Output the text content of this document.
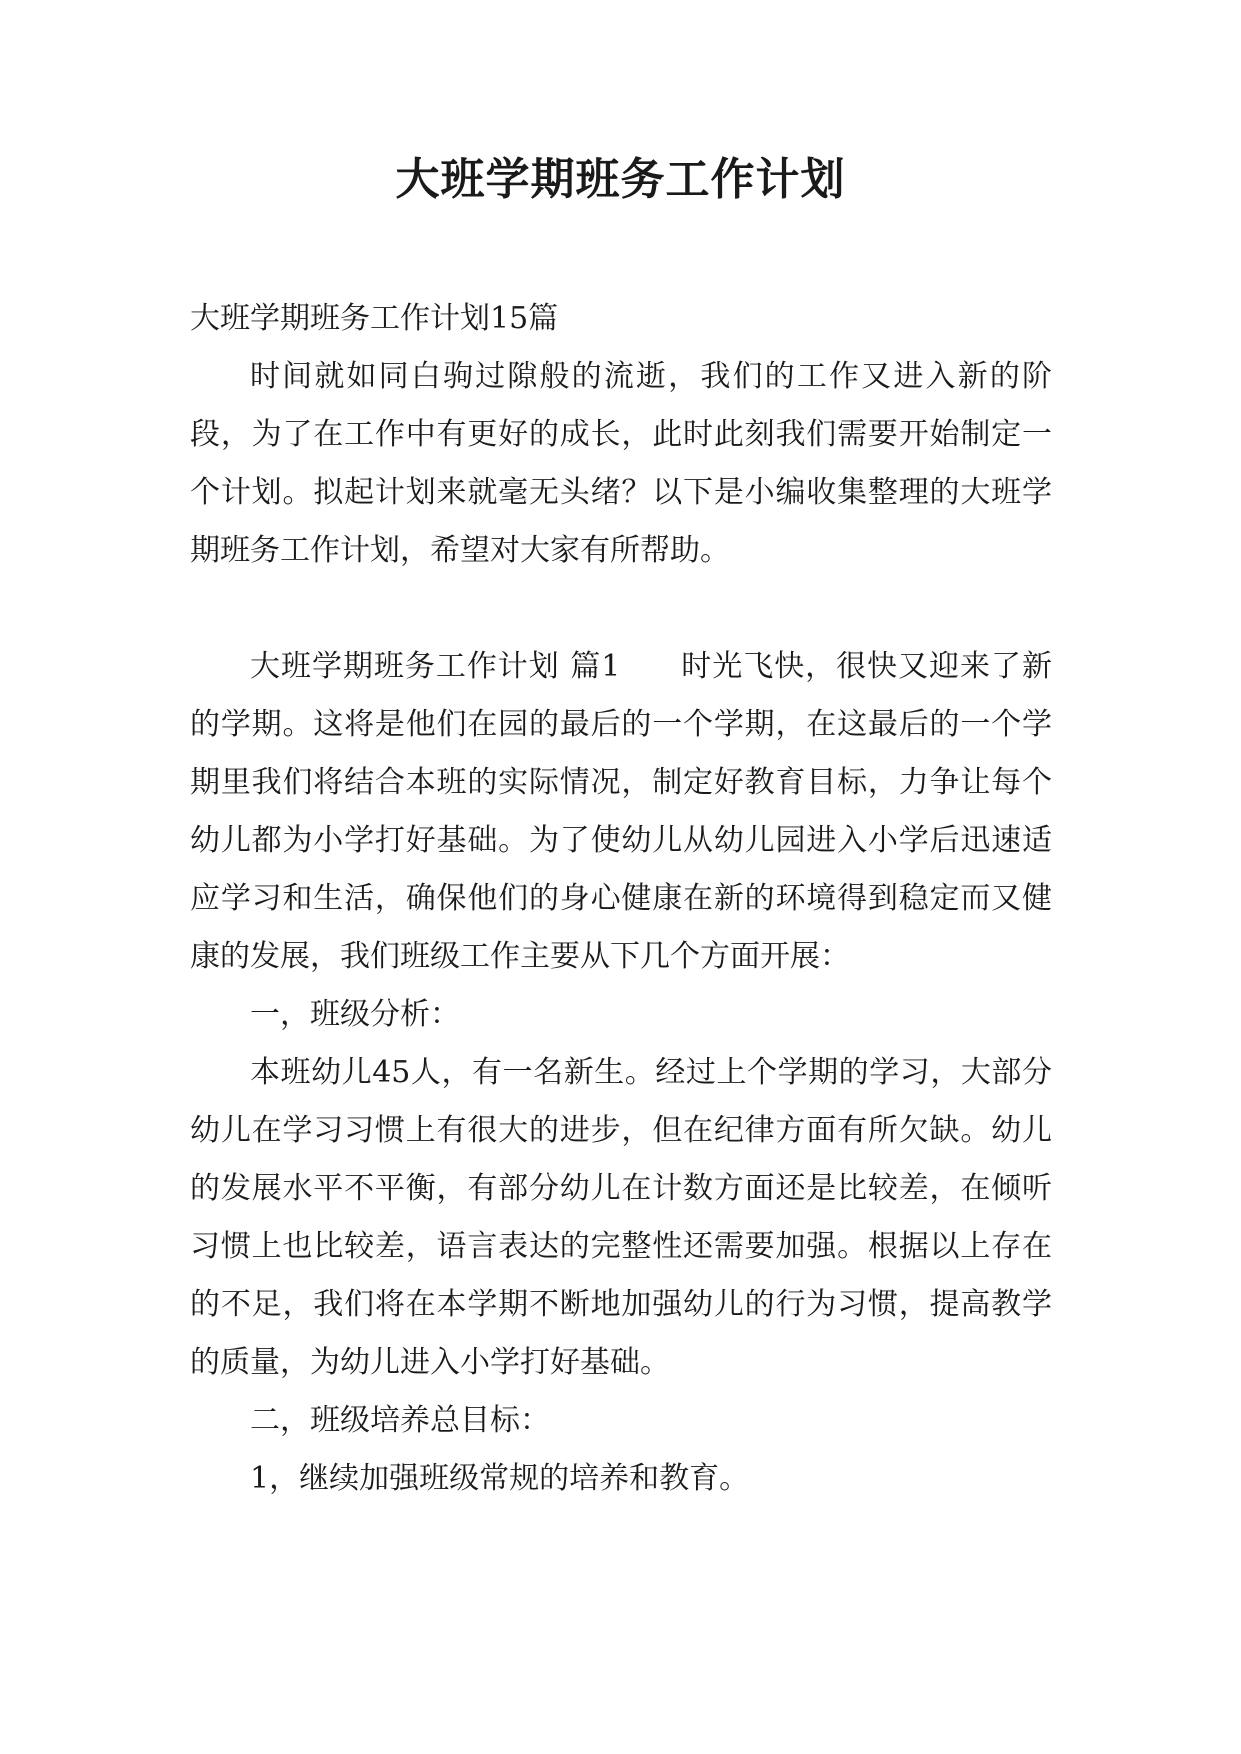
大班学期班务工作计划

大班学期班务工作计划15篇

时间就如同白驹过隙般的流逝，我们的工作又进入新的阶段，为了在工作中有更好的成长，此时此刻我们需要开始制定一个计划。拟起计划来就毫无头绪？以下是小编收集整理的大班学期班务工作计划，希望对大家有所帮助。

大班学期班务工作计划 篇1 时光飞快，很快又迎来了新的学期。这将是他们在园的最后的一个学期，在这最后的一个学期里我们将结合本班的实际情况，制定好教育目标，力争让每个幼儿都为小学打好基础。为了使幼儿从幼儿园进入小学后迅速适应学习和生活，确保他们的身心健康在新的环境得到稳定而又健康的发展，我们班级工作主要从下几个方面开展：

一，班级分析：

本班幼儿45人，有一名新生。经过上个学期的学习，大部分幼儿在学习习惯上有很大的进步，但在纪律方面有所欠缺。幼儿的发展水平不平衡，有部分幼儿在计数方面还是比较差，在倾听习惯上也比较差，语言表达的完整性还需要加强。根据以上存在的不足，我们将在本学期不断地加强幼儿的行为习惯，提高教学的质量，为幼儿进入小学打好基础。

二，班级培养总目标：

1，继续加强班级常规的培养和教育。
